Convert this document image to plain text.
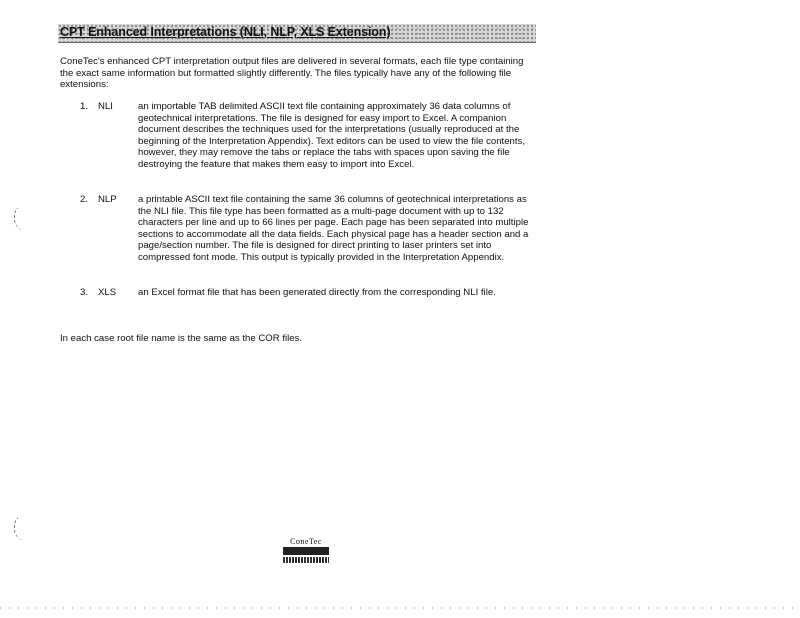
CPT Enhanced Interpretations (NLI, NLP, XLS Extension)

ConeTec's enhanced CPT interpretation output files are delivered in several formats, each file type containing the exact same information but formatted slightly differently. The files typically have any of the following file extensions:

1.	NLI	an importable TAB delimited ASCII text file containing approximately 36 data columns of geotechnical interpretations. The file is designed for easy import to Excel. A companion document describes the techniques used for the interpretations (usually reproduced at the beginning of the Interpretation Appendix). Text editors can be used to view the file contents, however, they may remove the tabs or replace the tabs with spaces upon saving the file destroying the feature that makes them easy to import into Excel.
2.	NLP	a printable ASCII text file containing the same 36 columns of geotechnical interpretations as the NLI file. This file type has been formatted as a multi-page document with up to 132 characters per line and up to 66 lines per page. Each page has been separated into multiple sections to accommodate all the data fields. Each physical page has a header section and a page/section number. The file is designed for direct printing to laser printers set into compressed font mode. This output is typically provided in the Interpretation Appendix.
3.	XLS	an Excel format file that has been generated directly from the corresponding NLI file.

In each case root file name is the same as the COR files.

ConeTec
